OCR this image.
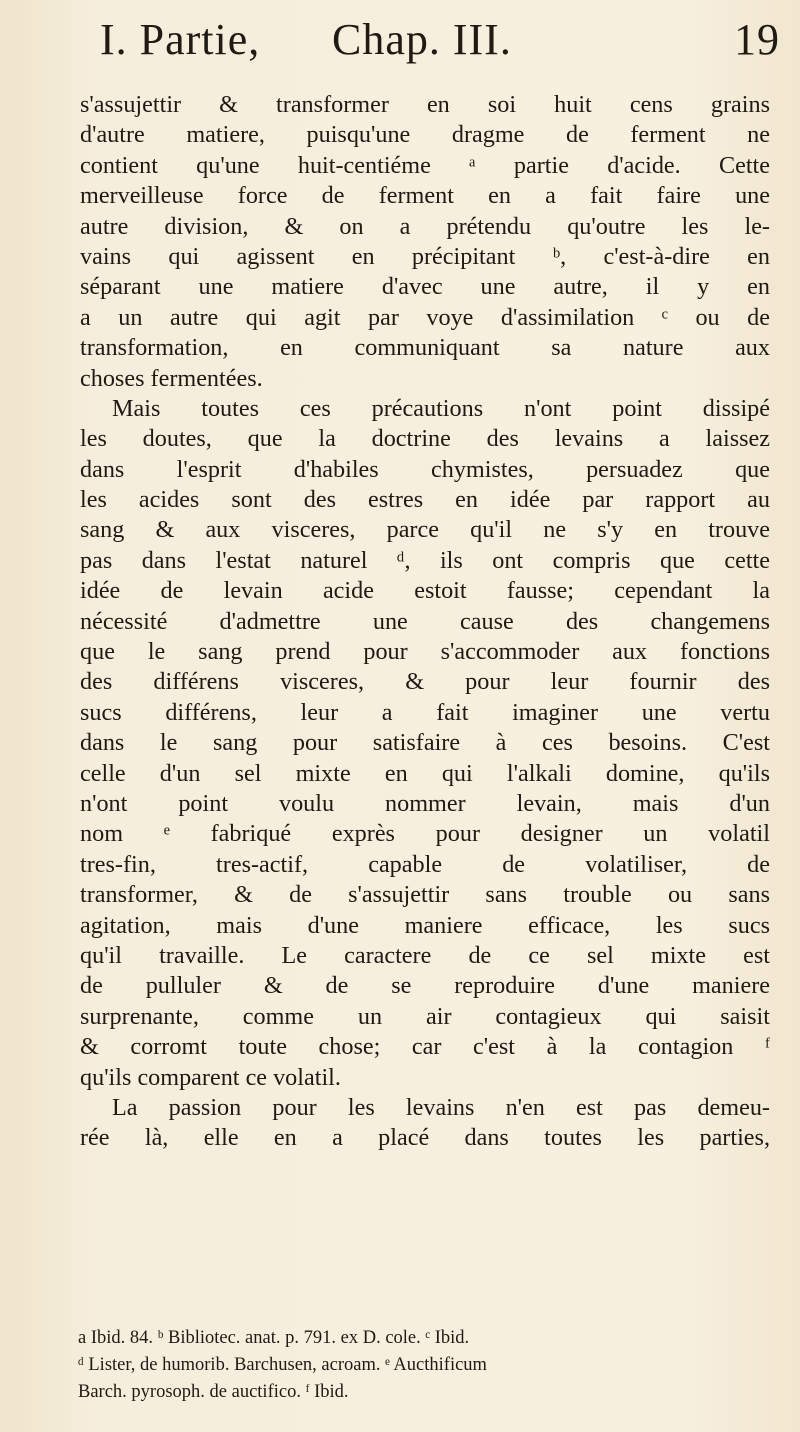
I. Partie, Chap. III.	19
s'assujettir & transformer en soi huit cens grains
d'autre matiere, puisqu'une dragme de ferment ne
contient qu'une huit-centiéme ᵃ partie d'acide. Cette
merveilleuse force de ferment en a fait faire une
autre division, & on a prétendu qu'outre les le-
vains qui agissent en précipitant ᵇ, c'est-à-dire en
séparant une matiere d'avec une autre, il y en
a un autre qui agit par voye d'assimilation ᶜ ou de
transformation, en communiquant sa nature aux
choses fermentées.
Mais toutes ces précautions n'ont point dissipé
les doutes, que la doctrine des levains a laissez
dans l'esprit d'habiles chymistes, persuadez que
les acides sont des estres en idée par rapport au
sang & aux visceres, parce qu'il ne s'y en trouve
pas dans l'estat naturel ᵈ, ils ont compris que cette
idée de levain acide estoit fausse; cependant la
nécessité d'admettre une cause des changemens
que le sang prend pour s'accommoder aux fonctions
des différens visceres, & pour leur fournir des
sucs différens, leur a fait imaginer une vertu
dans le sang pour satisfaire à ces besoins. C'est
celle d'un sel mixte en qui l'alkali domine, qu'ils
n'ont point voulu nommer levain, mais d'un
nom ᵉ fabriqué exprès pour designer un volatil
tres-fin, tres-actif, capable de volatiliser, de
transformer, & de s'assujettir sans trouble ou sans
agitation, mais d'une maniere efficace, les sucs
qu'il travaille. Le caractere de ce sel mixte est
de pulluler & de se reproduire d'une maniere
surprenante, comme un air contagieux qui saisit
& corromt toute chose; car c'est à la contagion ᶠ
qu'ils comparent ce volatil.
La passion pour les levains n'en est pas demeu-
rée là, elle en a placé dans toutes les parties,
a Ibid. 84. ᵇ Bibliotec. anat. p. 791. ex D. cole. ᶜ Ibid.
ᵈ Lister, de humorib. Barchusen, acroam. ᵉ Aucthificum
Barch. pyrosoph. de auctifico. ᶠ Ibid.
